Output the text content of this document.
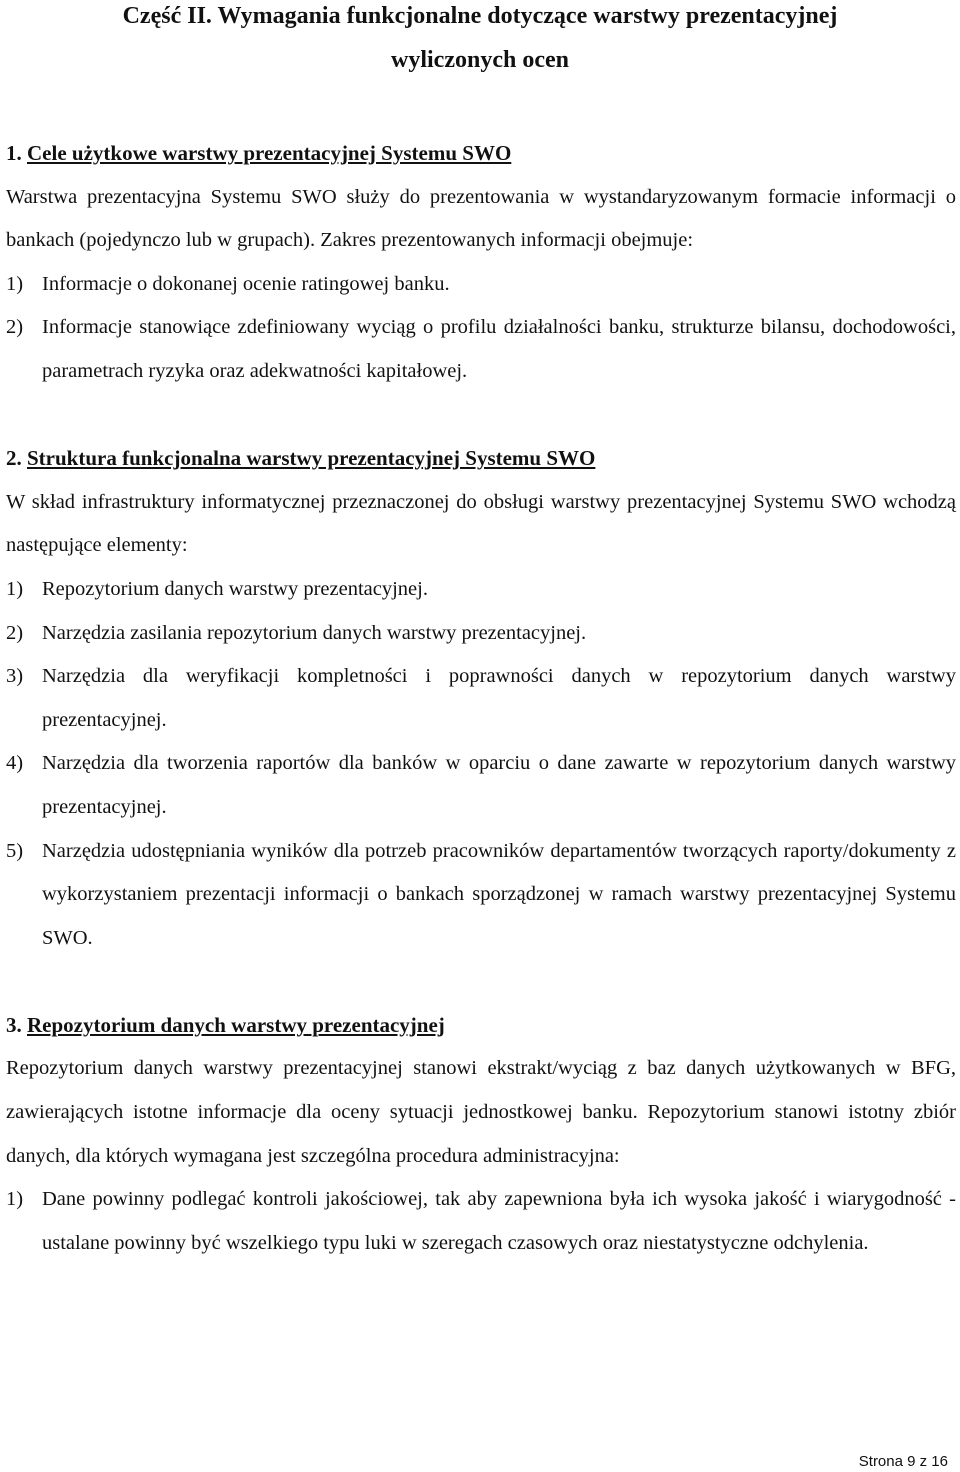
Część II. Wymagania funkcjonalne dotyczące warstwy prezentacyjnej
wyliczonych ocen
1. Cele użytkowe warstwy prezentacyjnej Systemu SWO

Warstwa prezentacyjna Systemu SWO służy do prezentowania w wystandaryzowanym formacie informacji o bankach (pojedynczo lub w grupach). Zakres prezentowanych informacji obejmuje:

1) Informacje o dokonanej ocenie ratingowej banku.
2) Informacje stanowiące zdefiniowany wyciąg o profilu działalności banku, strukturze bilansu, dochodowości, parametrach ryzyka oraz adekwatności kapitałowej.
2. Struktura funkcjonalna warstwy prezentacyjnej Systemu SWO

W skład infrastruktury informatycznej przeznaczonej do obsługi warstwy prezentacyjnej Systemu SWO wchodzą następujące elementy:

1) Repozytorium danych warstwy prezentacyjnej.
2) Narzędzia zasilania repozytorium danych warstwy prezentacyjnej.
3) Narzędzia dla weryfikacji kompletności i poprawności danych w repozytorium danych warstwy prezentacyjnej.
4) Narzędzia dla tworzenia raportów dla banków w oparciu o dane zawarte w repozytorium danych warstwy prezentacyjnej.
5) Narzędzia udostępniania wyników dla potrzeb pracowników departamentów tworzących raporty/dokumenty z wykorzystaniem prezentacji informacji o bankach sporządzonej w ramach warstwy prezentacyjnej Systemu SWO.
3. Repozytorium danych warstwy prezentacyjnej

Repozytorium danych warstwy prezentacyjnej stanowi ekstrakt/wyciąg z baz danych użytkowanych w BFG, zawierających istotne informacje dla oceny sytuacji jednostkowej banku. Repozytorium stanowi istotny zbiór danych, dla których wymagana jest szczególna procedura administracyjna:

1) Dane powinny podlegać kontroli jakościowej, tak aby zapewniona była ich wysoka jakość i wiarygodność - ustalane powinny być wszelkiego typu luki w szeregach czasowych oraz niestatystyczne odchylenia.
Strona 9 z 16
